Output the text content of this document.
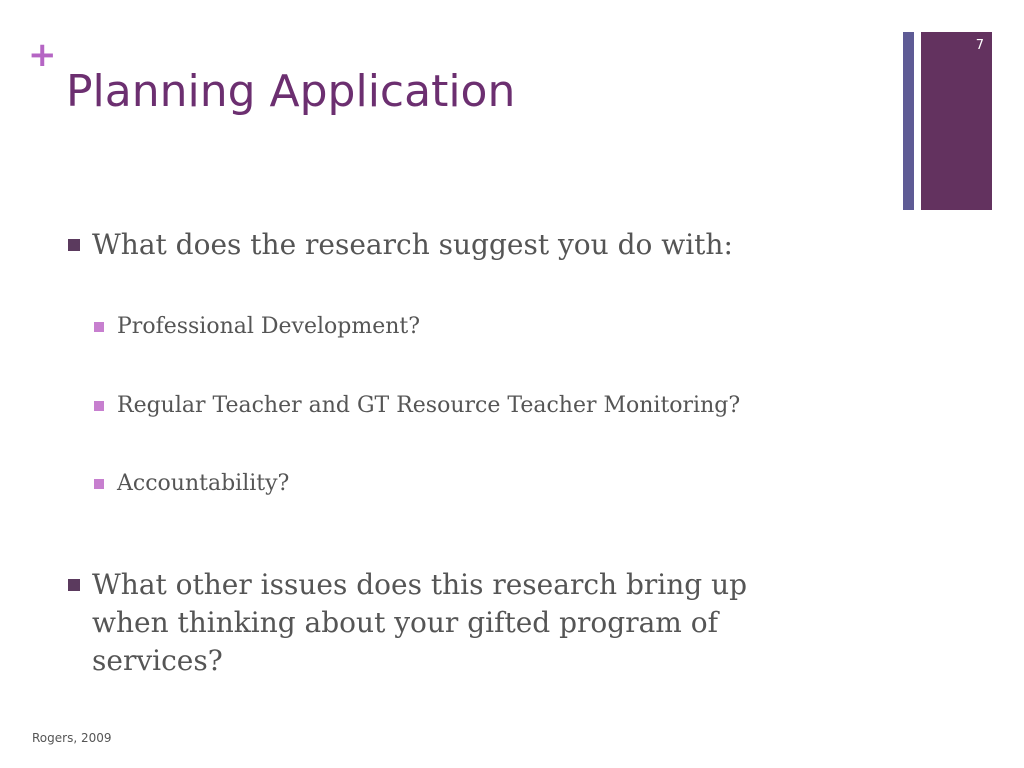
+
Planning Application
7
What does the research suggest you do with:
Professional Development?
Regular Teacher and GT Resource Teacher Monitoring?
Accountability?
What other issues does this research bring up when thinking about your gifted program of services?
Rogers, 2009
